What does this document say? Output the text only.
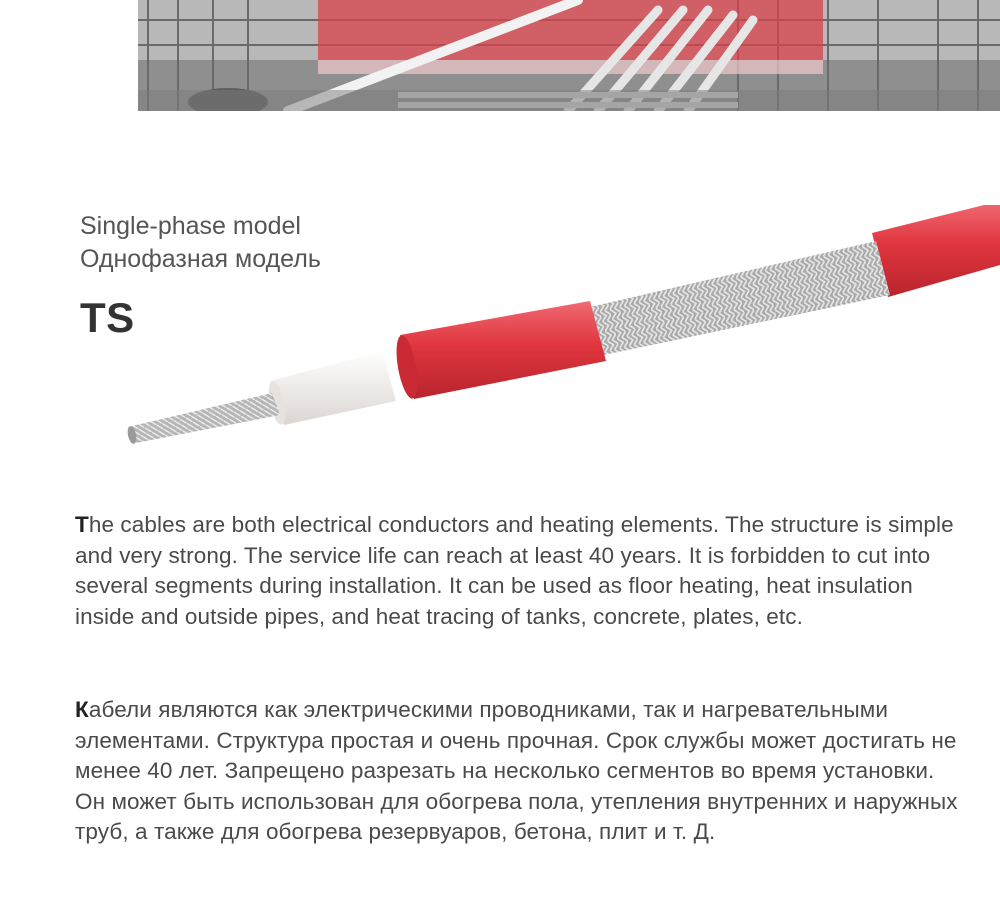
Single-phase model
Однофазная модель
TS

The cables are both electrical conductors and heating elements. The structure is simple and very strong. The service life can reach at least 40 years. It is forbidden to cut into several segments during installation. It can be used as floor heating, heat insulation inside and outside pipes, and heat tracing of tanks, concrete, plates, etc.

Кабели являются как электрическими проводниками, так и нагревательными элементами. Структура простая и очень прочная. Срок службы может достигать не менее 40 лет. Запрещено разрезать на несколько сегментов во время установки. Он может быть использован для обогрева пола, утепления внутренних и наружных труб, а также для обогрева резервуаров, бетона, плит и т. Д.
